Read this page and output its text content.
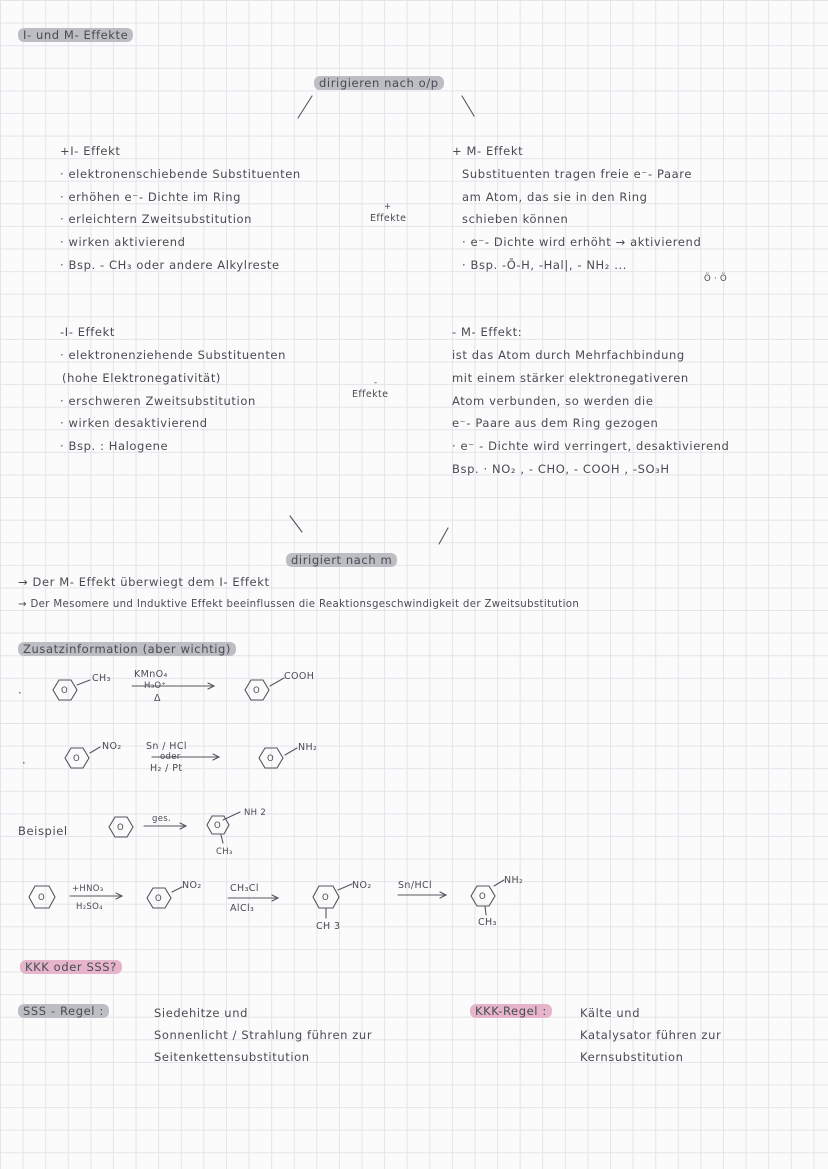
I- und M- Effekte
dirigieren nach o/p
+I- Effekt
· elektronenschiebende Substituenten
· erhöhen e⁻- Dichte im Ring
· erleichtern Zweitsubstitution
· wirken aktivierend
· Bsp. - CH₃ oder andere Alkylreste
+
Effekte
+ M- Effekt
Substituenten tragen freie e⁻- Paare
am Atom, das sie in den Ring
schieben können
· e⁻- Dichte wird erhöht → aktivierend
· Bsp. -Ō-H, -Hal|, - NH₂ ...
Ö · Ö
-I- Effekt
· elektronenziehende Substituenten
(hohe Elektronegativität)
· erschweren Zweitsubstitution
· wirken desaktivierend
· Bsp. : Halogene
-
Effekte
- M- Effekt:
ist das Atom durch Mehrfachbindung
mit einem stärker elektronegativeren
Atom verbunden, so werden die
e⁻- Paare aus dem Ring gezogen
· e⁻ - Dichte wird verringert, desaktivierend
Bsp. · NO₂ , - CHO, - COOH , -SO₃H
dirigiert nach m
→ Der M- Effekt überwiegt dem I- Effekt
→ Der Mesomere und Induktive Effekt beeinflussen die Reaktionsgeschwindigkeit der Zweitsubstitution
Zusatzinformation (aber wichtig)
·	O
CH₃ KMnO₄
H₃O⁺
Δ
O
COOH
·	O
NO₂	Sn / HCl
oder
H₂ / Pt
O
NH₂
Beispiel	O
ges.
O
NH 2
CH₃
O
+HNO₃
H₂SO₄
O
NO₂	CH₃Cl
AlCl₃
O
NO₂
CH 3
Sn/HCl
O
NH₂
CH₃
KKK oder SSS?
SSS - Regel :	Siedehitze und
Sonnenlicht / Strahlung führen zur
Seitenkettensubstitution
KKK-Regel :	Kälte und
Katalysator führen zur
Kernsubstitution
